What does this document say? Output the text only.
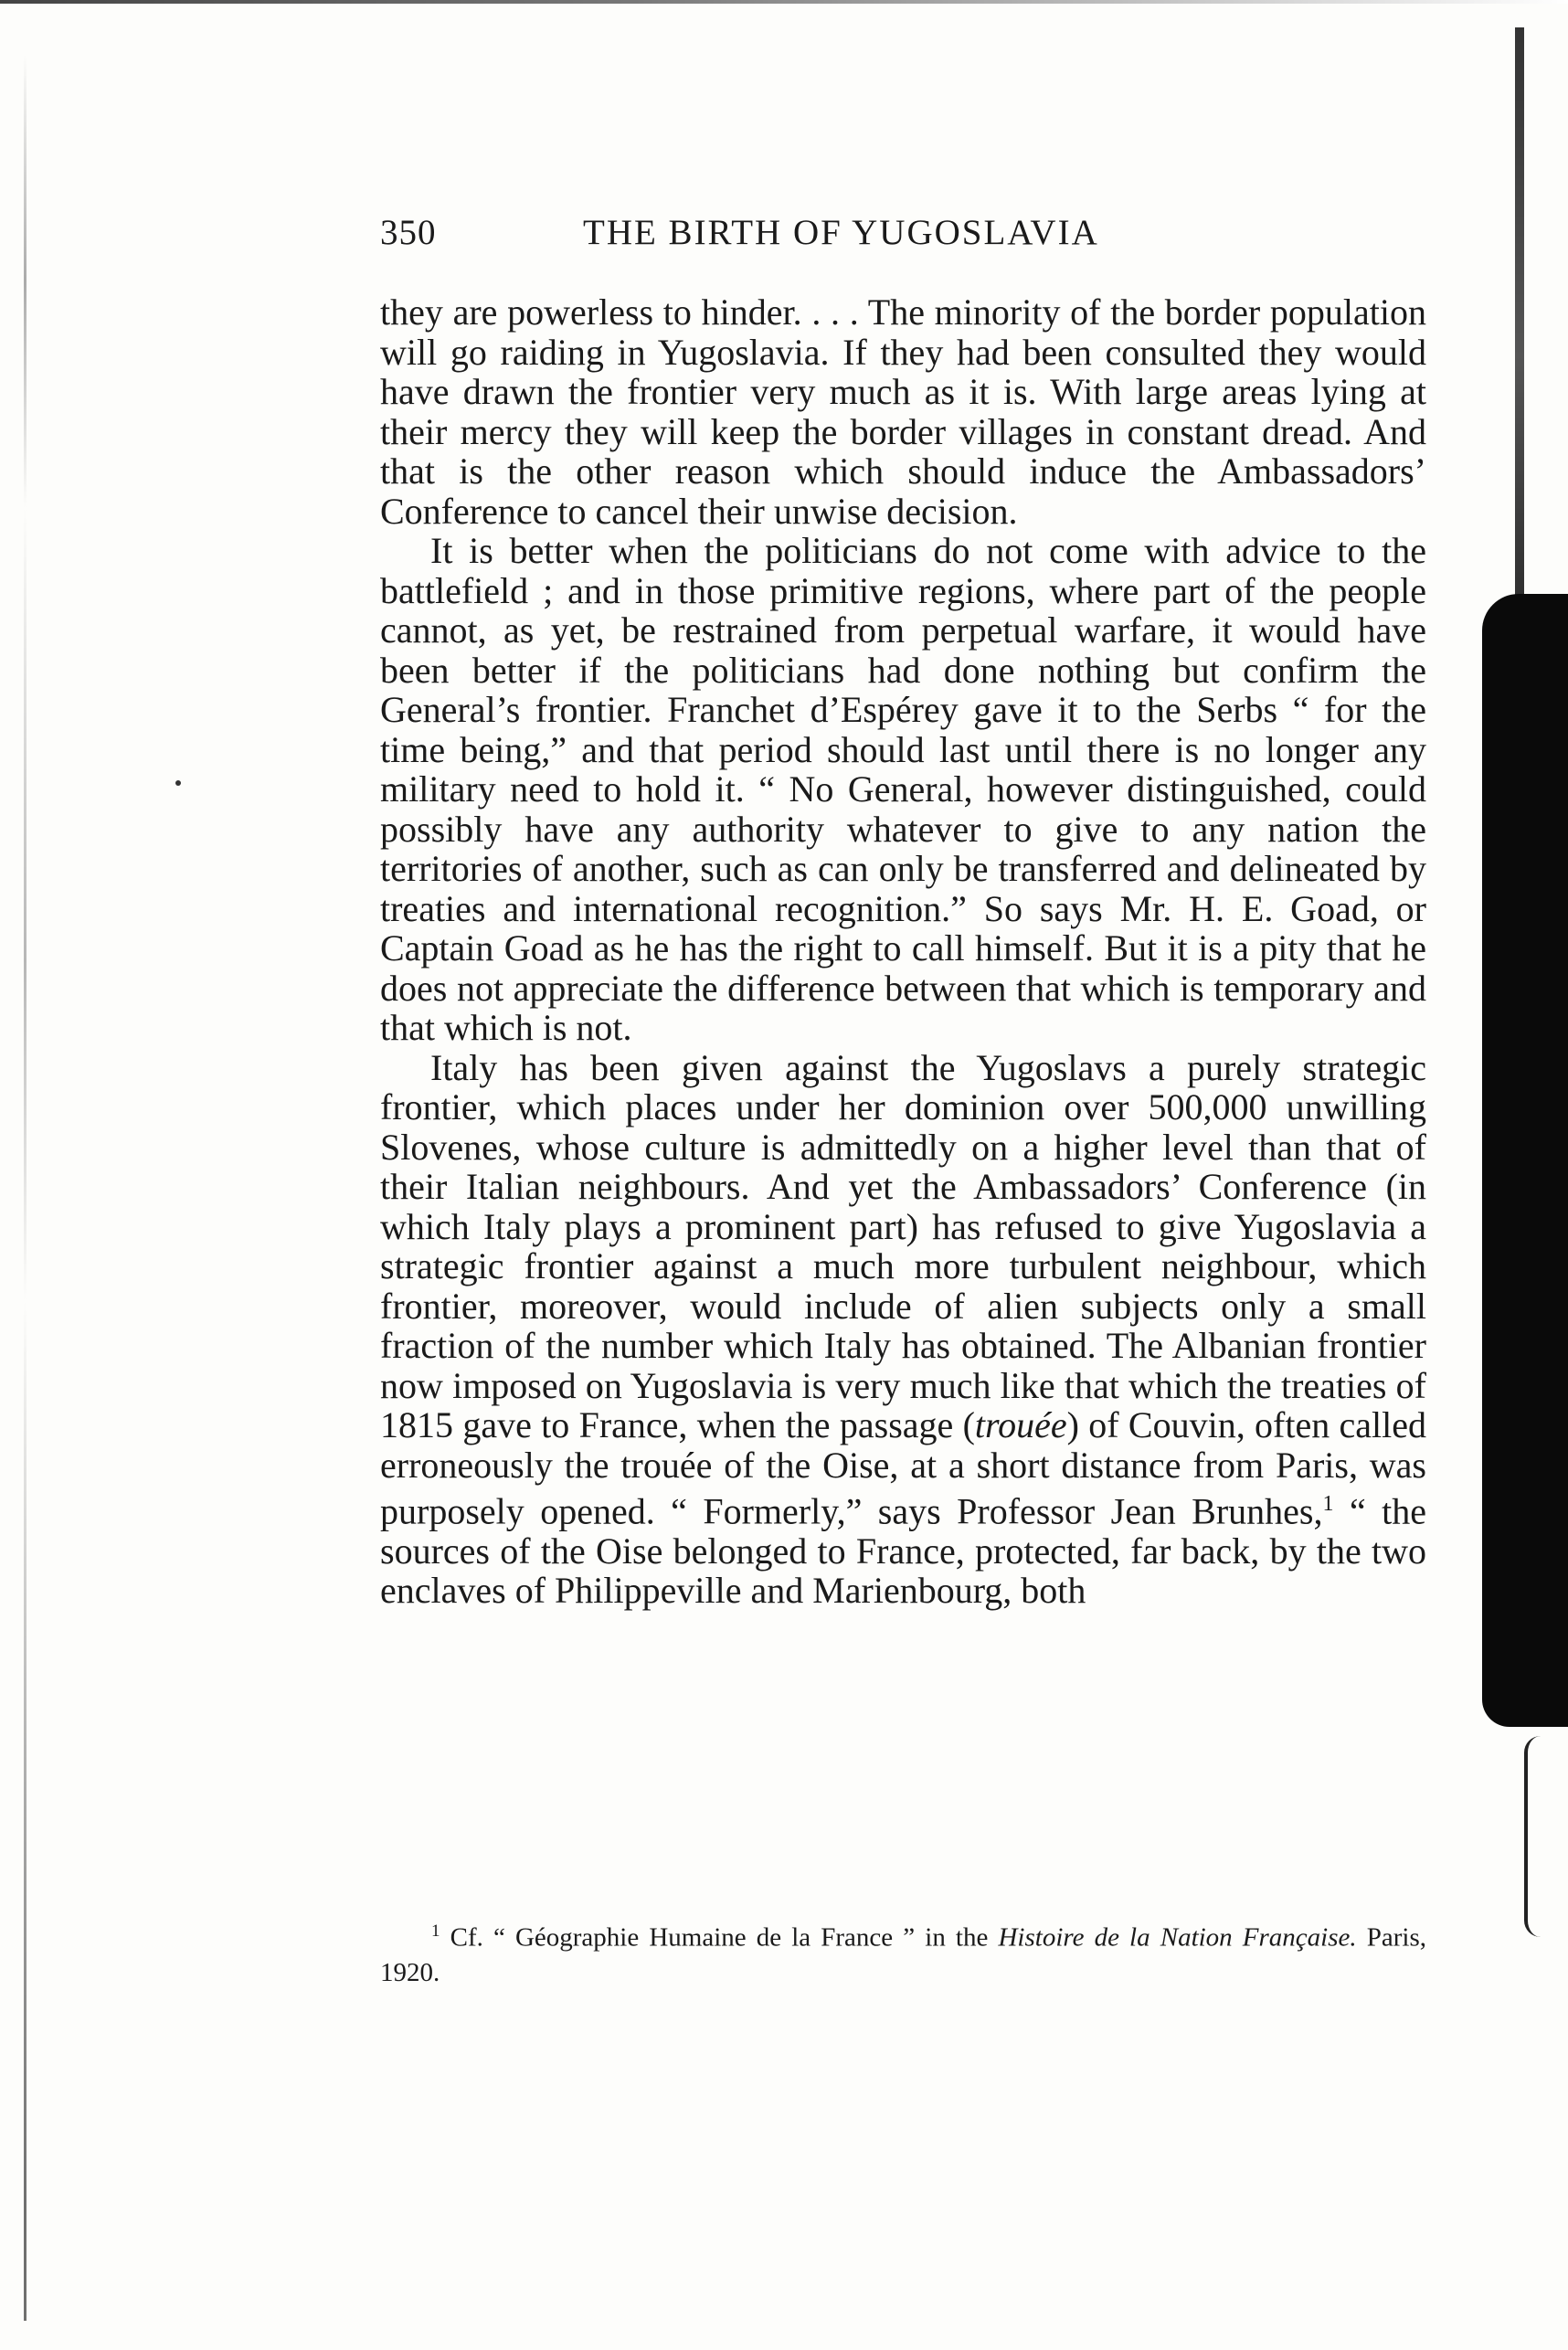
350	THE BIRTH OF YUGOSLAVIA

they are powerless to hinder. . . . The minority of the border population will go raiding in Yugoslavia. If they had been consulted they would have drawn the frontier very much as it is. With large areas lying at their mercy they will keep the border villages in constant dread. And that is the other reason which should induce the Ambassadors’ Conference to cancel their unwise decision.

It is better when the politicians do not come with advice to the battlefield ; and in those primitive regions, where part of the people cannot, as yet, be restrained from perpetual warfare, it would have been better if the politicians had done nothing but confirm the General’s frontier. Franchet d’Espérey gave it to the Serbs “ for the time being,” and that period should last until there is no longer any military need to hold it. “ No General, however distinguished, could possibly have any authority whatever to give to any nation the territories of another, such as can only be transferred and delineated by treaties and international recognition.” So says Mr. H. E. Goad, or Captain Goad as he has the right to call himself. But it is a pity that he does not appreciate the difference between that which is temporary and that which is not.

Italy has been given against the Yugoslavs a purely strategic frontier, which places under her dominion over 500,000 unwilling Slovenes, whose culture is admittedly on a higher level than that of their Italian neighbours. And yet the Ambassadors’ Conference (in which Italy plays a prominent part) has refused to give Yugoslavia a strategic frontier against a much more turbulent neighbour, which frontier, moreover, would include of alien subjects only a small fraction of the number which Italy has obtained. The Albanian frontier now imposed on Yugoslavia is very much like that which the treaties of 1815 gave to France, when the passage (trouée) of Couvin, often called erroneously the trouée of the Oise, at a short distance from Paris, was purposely opened. “ Formerly,” says Professor Jean Brunhes,$^1$ “ the sources of the Oise belonged to France, protected, far back, by the two enclaves of Philippeville and Marienbourg, both

$^1$ Cf. “ Géographie Humaine de la France ” in the Histoire de la Nation Française. Paris, 1920.
